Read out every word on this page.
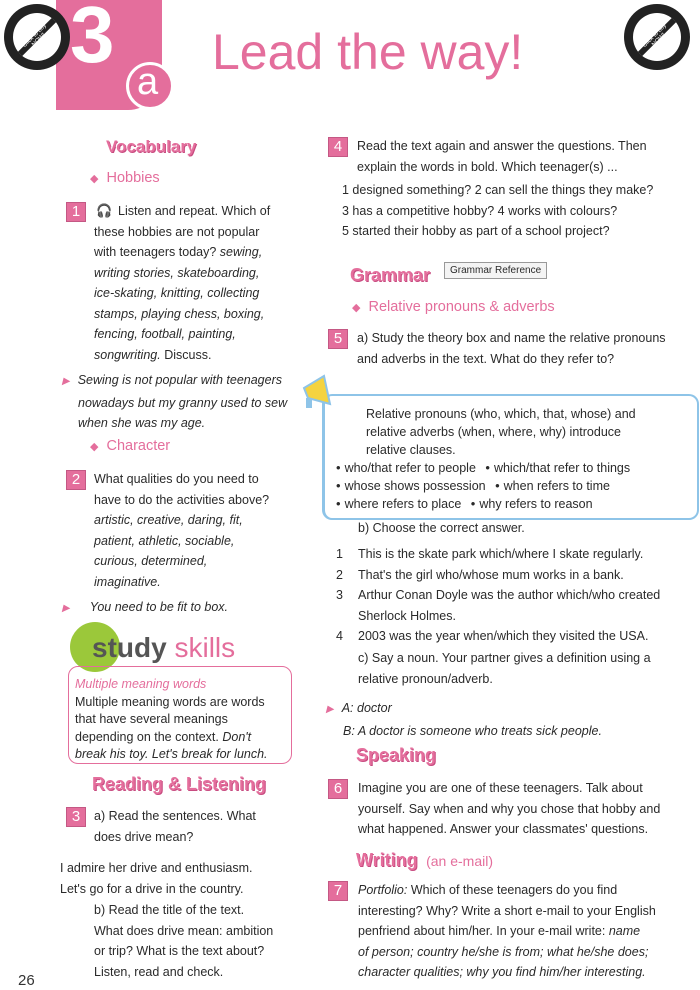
3
a
Lead the way!
Click to buy NOW!	Click to buy NOW!
Vocabulary
◆ Hobbies
1	🎧 Listen and repeat. Which of
these hobbies are not popular
with teenagers today? sewing,
writing stories, skateboarding,
ice-skating, knitting, collecting
stamps, playing chess, boxing,
fencing, football, painting,
songwriting. Discuss.
▶ Sewing is not popular with teenagers
nowadays but my granny used to sew
when she was my age.
◆ Character
2	What qualities do you need to
have to do the activities above?
artistic, creative, daring, fit,
patient, athletic, sociable,
curious, determined,
imaginative.
▶ You need to be fit to box.
study skills
Multiple meaning words
Multiple meaning words are words
that have several meanings
depending on the context. Don't
break his toy. Let's break for lunch.
Reading & Listening
3	a) Read the sentences. What
does drive mean?
I admire her drive and enthusiasm.
Let's go for a drive in the country.
b) Read the title of the text.
What does drive mean: ambition
or trip? What is the text about?
Listen, read and check.
26
4	Read the text again and answer the questions. Then
explain the words in bold. Which teenager(s) ...
1 designed something? 2 can sell the things they make?
3 has a competitive hobby? 4 works with colours?
5 started their hobby as part of a school project?
Grammar	Grammar Reference
◆ Relative pronouns & adverbs
5	a) Study the theory box and name the relative pronouns
and adverbs in the text. What do they refer to?
Relative pronouns (who, which, that, whose) and
relative adverbs (when, where, why) introduce
relative clauses.
• who/that refer to people • which/that refer to things
• whose shows possession • when refers to time
• where refers to place • why refers to reason
b) Choose the correct answer.
1 This is the skate park which/where I skate regularly.
2 That's the girl who/whose mum works in a bank.
3 Arthur Conan Doyle was the author which/who created
Sherlock Holmes.
4 2003 was the year when/which they visited the USA.
c) Say a noun. Your partner gives a definition using a
relative pronoun/adverb.
▶ A: doctor
B: A doctor is someone who treats sick people.
Speaking
6	Imagine you are one of these teenagers. Talk about
yourself. Say when and why you chose that hobby and
what happened. Answer your classmates' questions.
Writing (an e-mail)
7	Portfolio: Which of these teenagers do you find
interesting? Why? Write a short e-mail to your English
penfriend about him/her. In your e-mail write: name
of person; country he/she is from; what he/she does;
character qualities; why you find him/her interesting.
